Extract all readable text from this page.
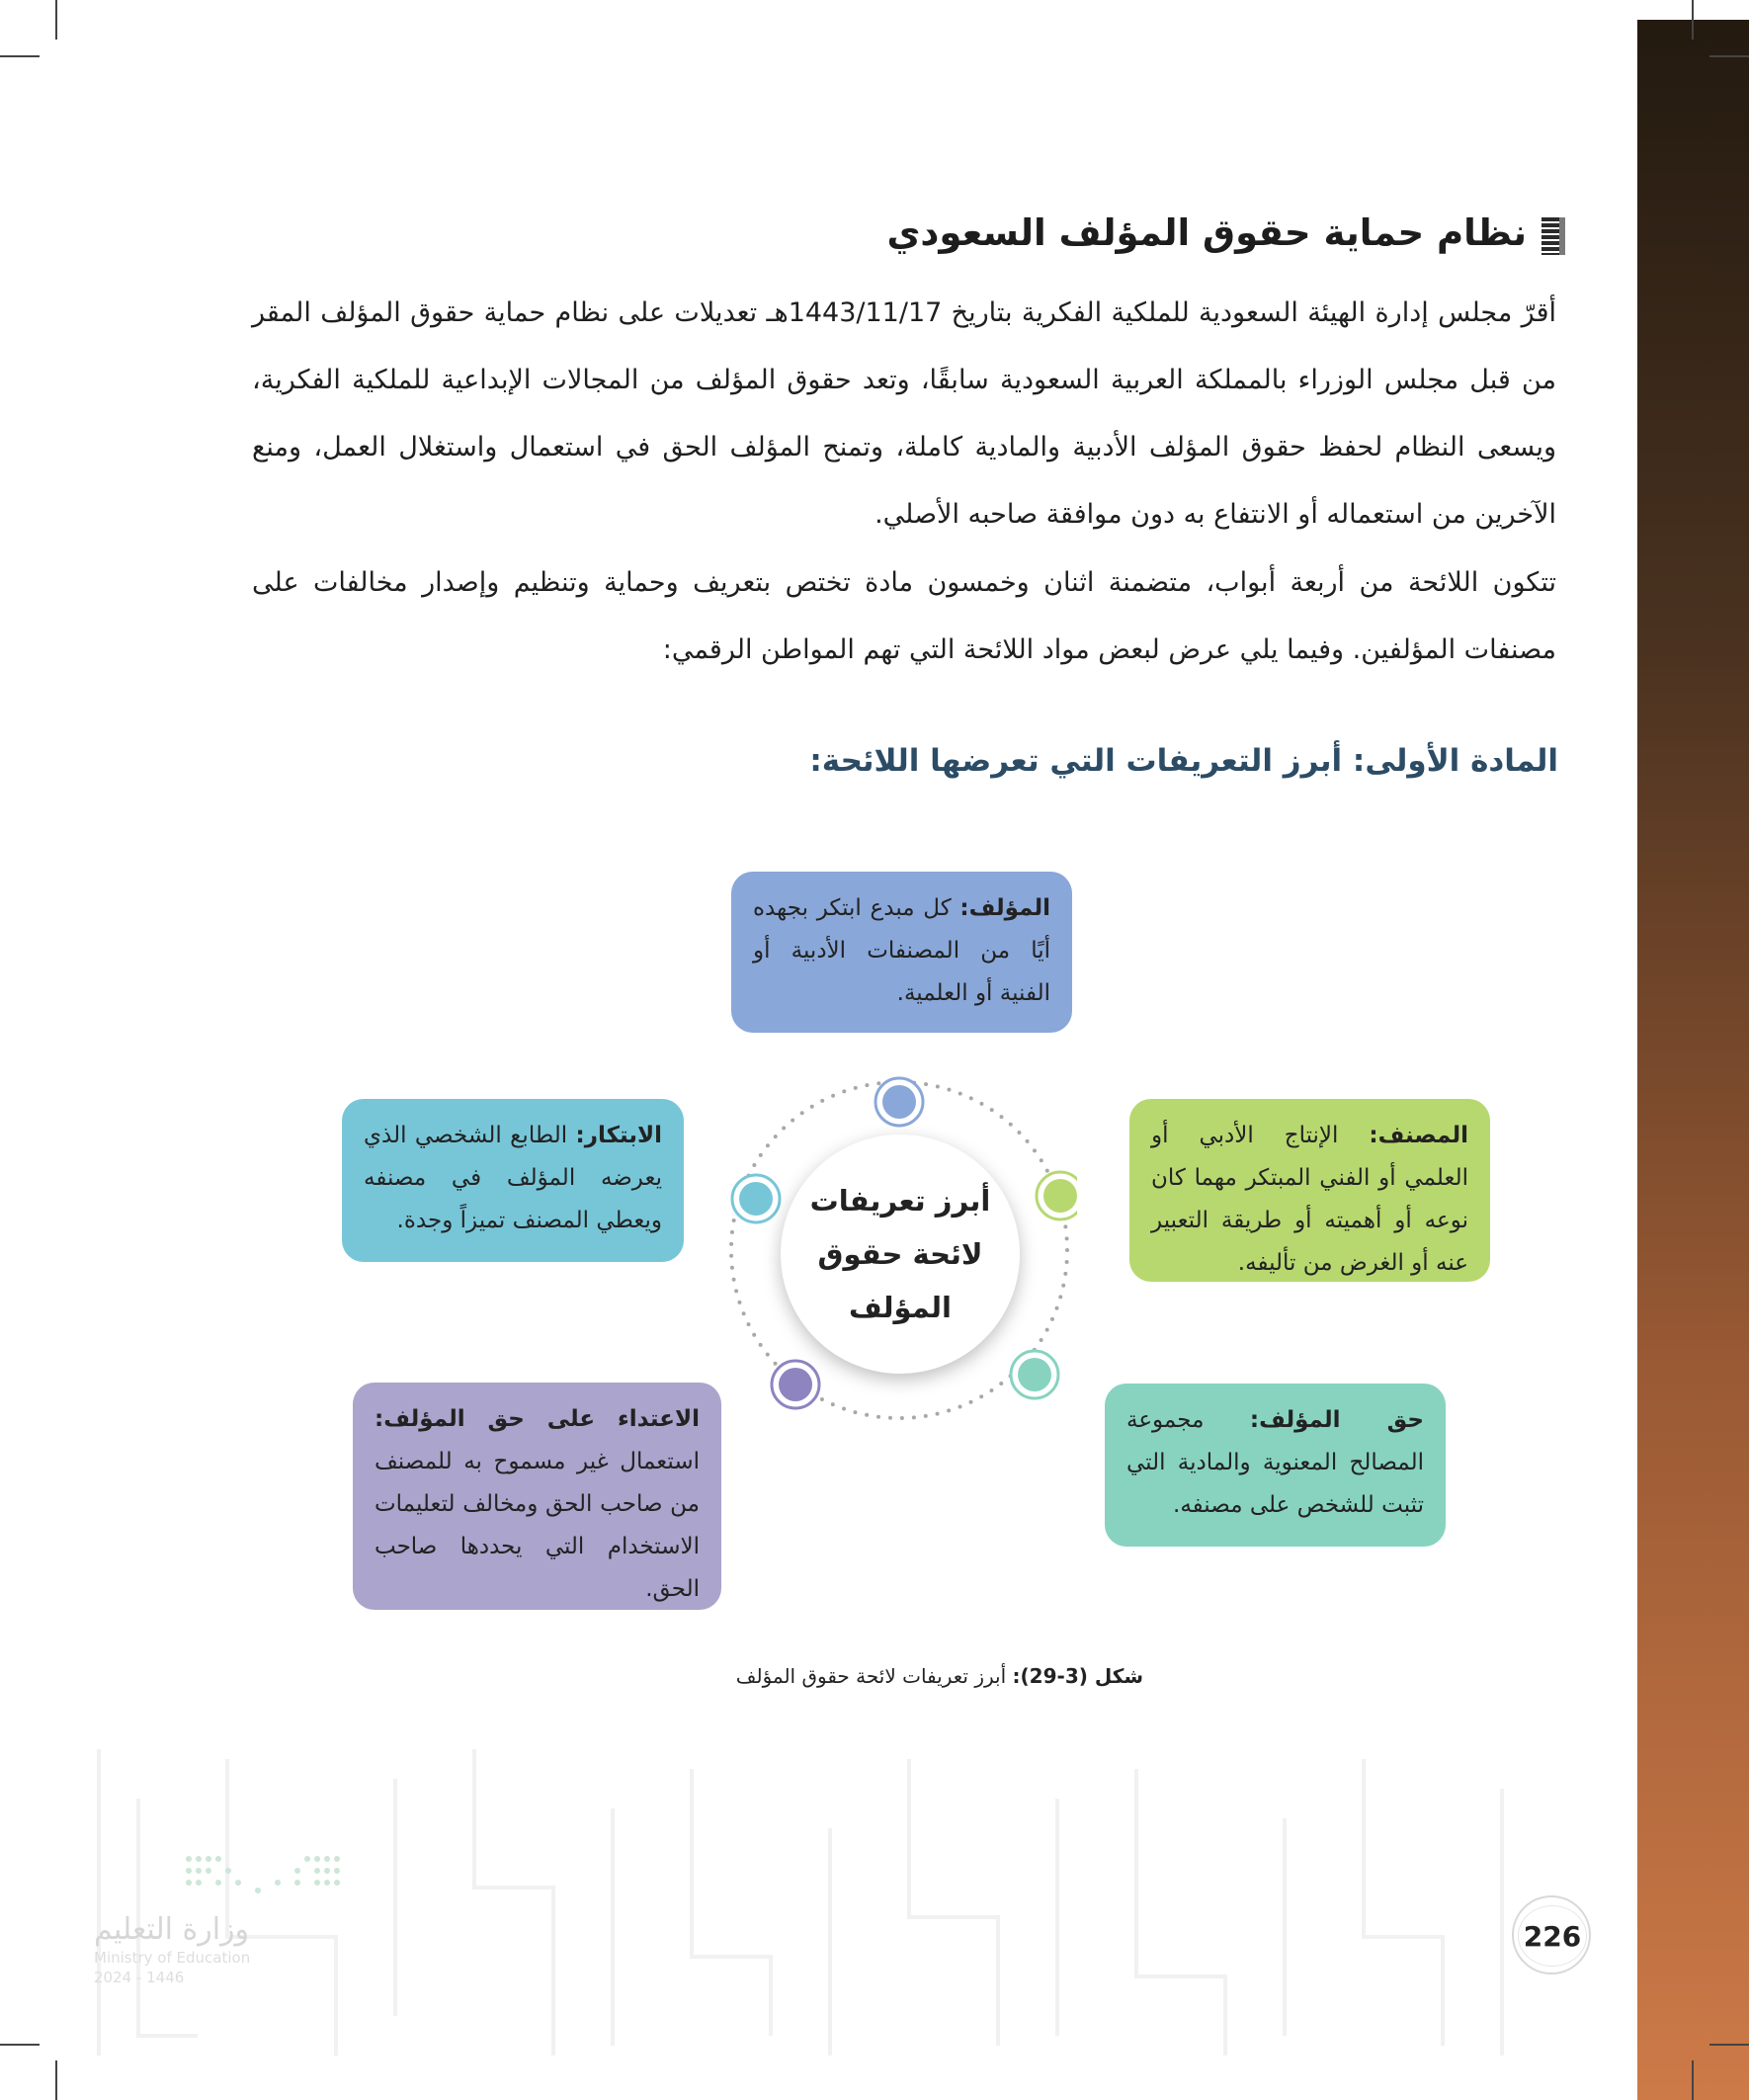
نظام حماية حقوق المؤلف السعودي

أقرّ مجلس إدارة الهيئة السعودية للملكية الفكرية بتاريخ 1443/11/17هـ تعديلات على نظام حماية حقوق المؤلف المقر من قبل مجلس الوزراء بالمملكة العربية السعودية سابقًا، وتعد حقوق المؤلف من المجالات الإبداعية للملكية الفكرية، ويسعى النظام لحفظ حقوق المؤلف الأدبية والمادية كاملة، وتمنح المؤلف الحق في استعمال واستغلال العمل، ومنع الآخرين من استعماله أو الانتفاع به دون موافقة صاحبه الأصلي.

تتكون اللائحة من أربعة أبواب، متضمنة اثنان وخمسون مادة تختص بتعريف وحماية وتنظيم وإصدار مخالفات على مصنفات المؤلفين. وفيما يلي عرض لبعض مواد اللائحة التي تهم المواطن الرقمي:

المادة الأولى: أبرز التعريفات التي تعرضها اللائحة:
أبرز تعريفات لائحة حقوق المؤلف
المؤلف: كل مبدع ابتكر بجهده أيًا من المصنفات الأدبية أو الفنية أو العلمية.
المصنف: الإنتاج الأدبي أو العلمي أو الفني المبتكر مهما كان نوعه أو أهميته أو طريقة التعبير عنه أو الغرض من تأليفه.
الابتكار: الطابع الشخصي الذي يعرضه المؤلف في مصنفه ويعطي المصنف تميزاً وجدة.
حق المؤلف: مجموعة المصالح المعنوية والمادية التي تثبت للشخص على مصنفه.
الاعتداء على حق المؤلف: استعمال غير مسموح به للمصنف من صاحب الحق ومخالف لتعليمات الاستخدام التي يحددها صاحب الحق.

شكل (3-29): أبرز تعريفات لائحة حقوق المؤلف

وزارة التعليم

Ministry of Education

2024 - 1446

226
